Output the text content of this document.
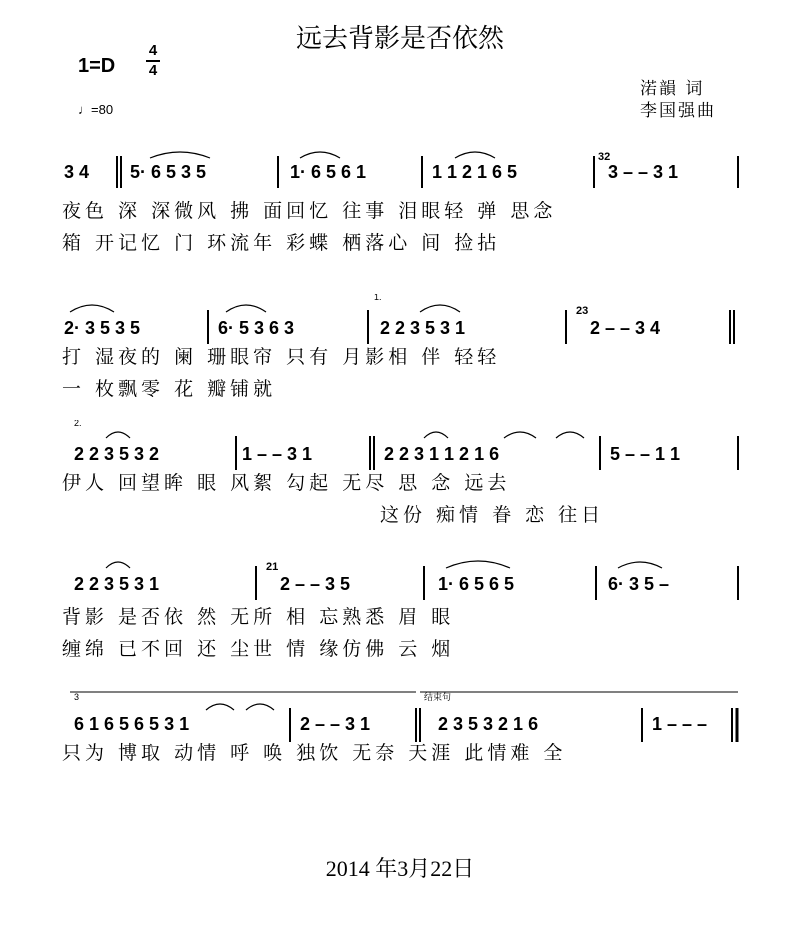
远去背影是否依然
1=D
4
4
♩=80
渃韻 词
李国强曲
3 4 5· 6 5 3 5	1· 6 5 6 1	1 1 2 1 6 5	3 – – 3 1
32
夜色 深 深微风 拂 面回忆 往事 泪眼轻 弹 思念
箱 开记忆 门 环流年 彩蝶 栖落心 间 捡拈
2· 3 5 3 5	6· 5 3 6 3	2 2 3 5 3 1	2 – – 3 4
23
1.
打 湿夜的 阑 珊眼帘 只有 月影相 伴 轻轻
一 枚飘零 花 瓣铺就
2 2 3 5 3 2	1 – – 3 1	2 2 3 1 1 2 1 6	5 – – 1 1
2.
伊人 回望眸 眼 风絮 勾起 无尽 思 念 远去
这份 痴情 眷 恋 往日
2 2 3 5 3 1	2 – – 3 5	1· 6 5 6 5	6· 3 5 –
21
背影 是否依 然 无所 相 忘熟悉 眉 眼
缠绵 已不回 还 尘世 情 缘仿佛 云 烟
6 1 6 5 6 5 3 1	2 – – 3 1	2 3 5 3 2 1 6	1 – – –
3	结束句
只为 博取 动情 呼 唤 独饮 无奈 天涯 此情难 全
2014 年3月22日
